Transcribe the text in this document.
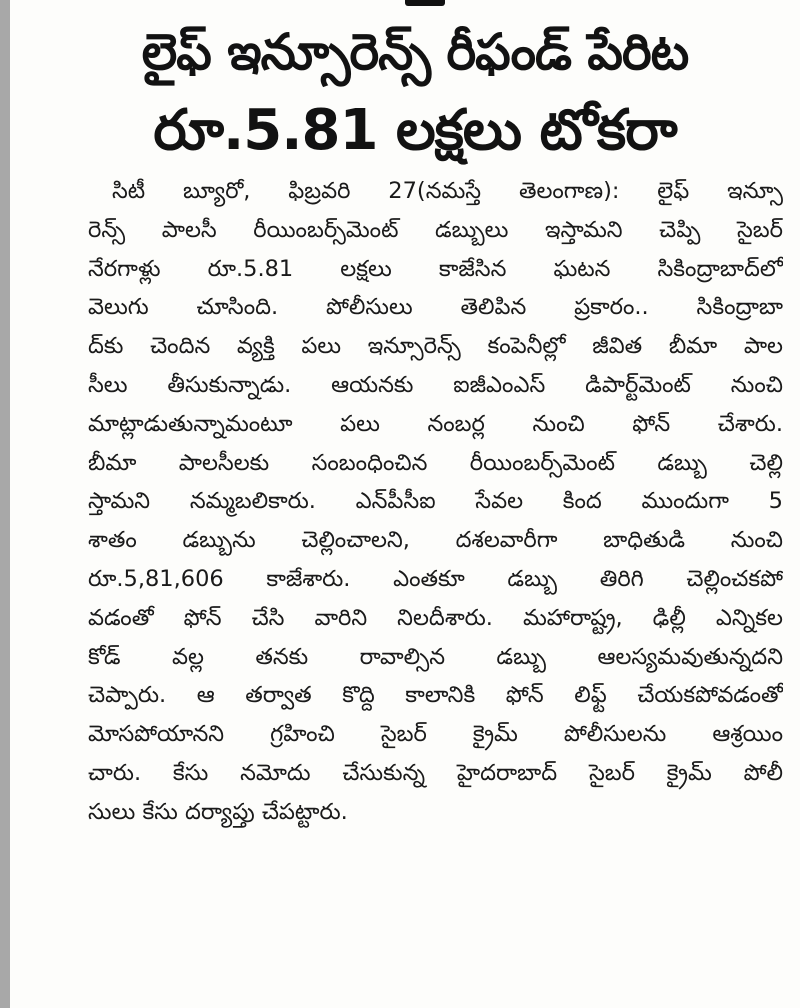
లైఫ్ ఇన్సూరెన్స్ రీఫండ్ పేరిట
రూ.5.81 లక్షలు టోకరా
సిటీ బ్యూరో, ఫిబ్రవరి 27(నమస్తే తెలంగాణ): లైఫ్ ఇన్సూ
రెన్స్ పాలసీ రీయింబర్స్‌మెంట్ డబ్బులు ఇస్తామని చెప్పి సైబర్
నేరగాళ్లు రూ.5.81 లక్షలు కాజేసిన ఘటన సికింద్రాబాద్‌లో
వెలుగు చూసింది. పోలీసులు తెలిపిన ప్రకారం.. సికింద్రాబా
ద్‌కు చెందిన వ్యక్తి పలు ఇన్సూరెన్స్ కంపెనీల్లో జీవిత బీమా పాల
సీలు తీసుకున్నాడు. ఆయనకు ఐజీఎంఎస్ డిపార్ట్‌మెంట్ నుంచి
మాట్లాడుతున్నామంటూ పలు నంబర్ల నుంచి ఫోన్ చేశారు.
బీమా పాలసీలకు సంబంధించిన రీయింబర్స్‌మెంట్ డబ్బు చెల్లి
స్తామని నమ్మబలికారు. ఎన్‌పీసీఐ సేవల కింద ముందుగా 5
శాతం డబ్బును చెల్లించాలని, దశలవారీగా బాధితుడి నుంచి
రూ.5,81,606 కాజేశారు. ఎంతకూ డబ్బు తిరిగి చెల్లించకపో
వడంతో ఫోన్ చేసి వారిని నిలదీశారు. మహారాష్ట్ర, ఢిల్లీ ఎన్నికల
కోడ్ వల్ల తనకు రావాల్సిన డబ్బు ఆలస్యమవుతున్నదని
చెప్పారు. ఆ తర్వాత కొద్ది కాలానికి ఫోన్ లిఫ్ట్ చేయకపోవడంతో
మోసపోయానని గ్రహించి సైబర్ క్రైమ్ పోలీసులను ఆశ్రయిం
చారు. కేసు నమోదు చేసుకున్న హైదరాబాద్ సైబర్ క్రైమ్ పోలీ
సులు కేసు దర్యాప్తు చేపట్టారు.
